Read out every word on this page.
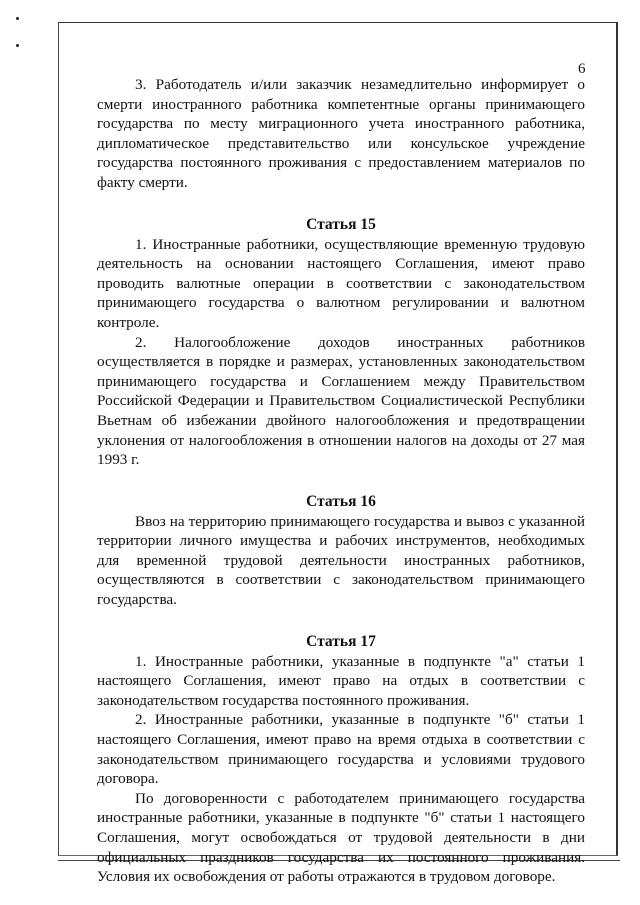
6

3. Работодатель и/или заказчик незамедлительно информирует о смерти иностранного работника компетентные органы принимающего государства по месту миграционного учета иностранного работника, дипломатическое представительство или консульское учреждение государства постоянного проживания с предоставлением материалов по факту смерти.

Статья 15

1. Иностранные работники, осуществляющие временную трудовую деятельность на основании настоящего Соглашения, имеют право проводить валютные операции в соответствии с законодательством принимающего государства о валютном регулировании и валютном контроле.

2. Налогообложение доходов иностранных работников осуществляется в порядке и размерах, установленных законодательством принимающего государства и Соглашением между Правительством Российской Федерации и Правительством Социалистической Республики Вьетнам об избежании двойного налогообложения и предотвращении уклонения от налогообложения в отношении налогов на доходы от 27 мая 1993 г.

Статья 16

Ввоз на территорию принимающего государства и вывоз с указанной территории личного имущества и рабочих инструментов, необходимых для временной трудовой деятельности иностранных работников, осуществляются в соответствии с законодательством принимающего государства.

Статья 17

1. Иностранные работники, указанные в подпункте "а" статьи 1 настоящего Соглашения, имеют право на отдых в соответствии с законодательством государства постоянного проживания.

2. Иностранные работники, указанные в подпункте "б" статьи 1 настоящего Соглашения, имеют право на время отдыха в соответствии с законодательством принимающего государства и условиями трудового договора.

По договоренности с работодателем принимающего государства иностранные работники, указанные в подпункте "б" статьи 1 настоящего Соглашения, могут освобождаться от трудовой деятельности в дни официальных праздников государства их постоянного проживания. Условия их освобождения от работы отражаются в трудовом договоре.
